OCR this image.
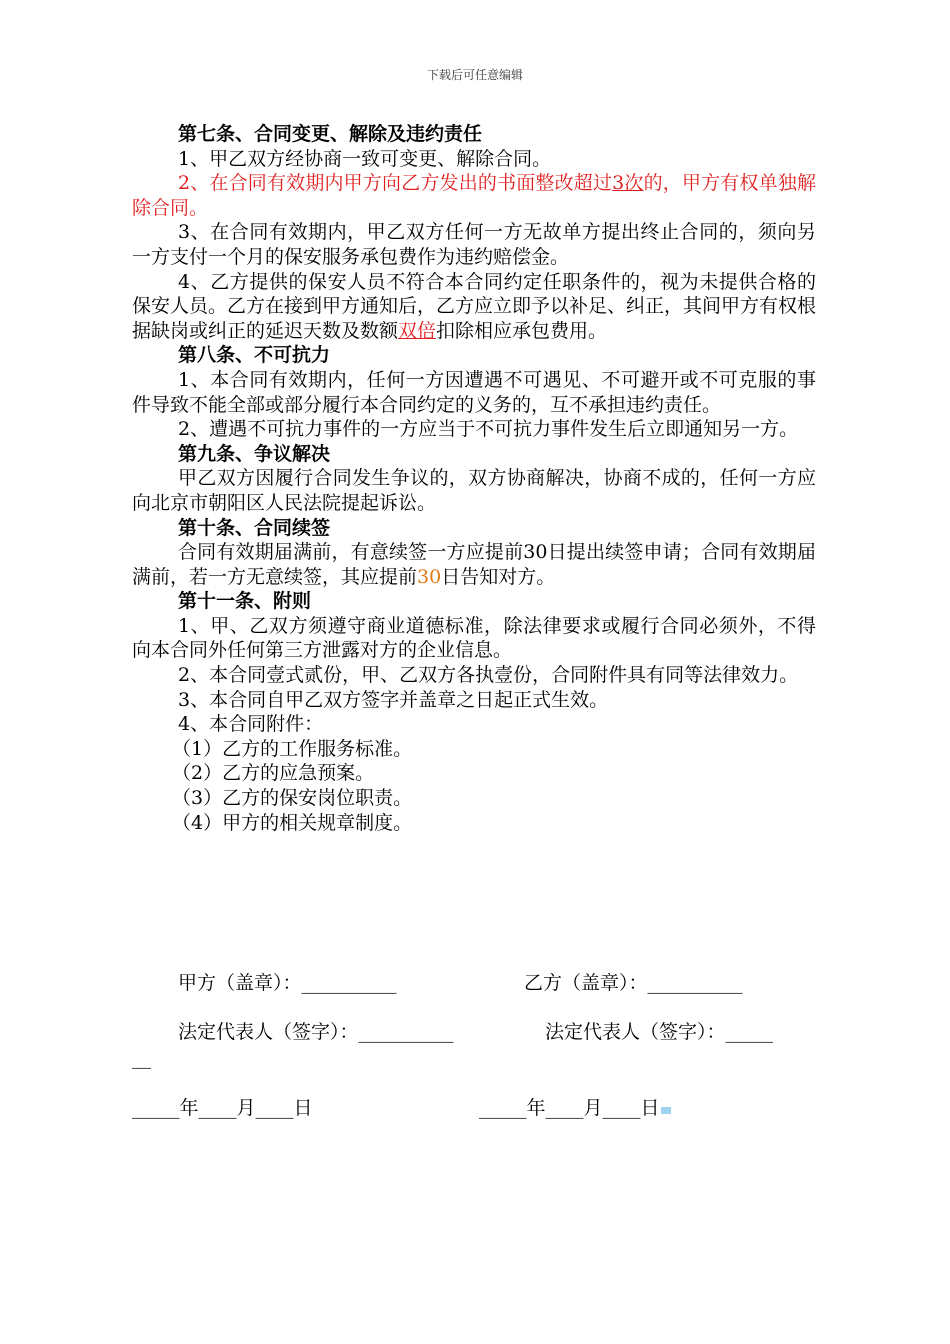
下载后可任意编辑

第七条、合同变更、解除及违约责任

1、甲乙双方经协商一致可变更、解除合同。

2、在合同有效期内甲方向乙方发出的书面整改超过3次的，甲方有权单独解除合同。

3、在合同有效期内，甲乙双方任何一方无故单方提出终止合同的，须向另一方支付一个月的保安服务承包费作为违约赔偿金。

4、乙方提供的保安人员不符合本合同约定任职条件的，视为未提供合格的保安人员。乙方在接到甲方通知后，乙方应立即予以补足、纠正，其间甲方有权根据缺岗或纠正的延迟天数及数额双倍扣除相应承包费用。

第八条、不可抗力

1、本合同有效期内，任何一方因遭遇不可遇见、不可避开或不可克服的事件导致不能全部或部分履行本合同约定的义务的，互不承担违约责任。

2、遭遇不可抗力事件的一方应当于不可抗力事件发生后立即通知另一方。

第九条、争议解决

甲乙双方因履行合同发生争议的，双方协商解决，协商不成的，任何一方应向北京市朝阳区人民法院提起诉讼。

第十条、合同续签

合同有效期届满前，有意续签一方应提前30日提出续签申请；合同有效期届满前，若一方无意续签，其应提前30日告知对方。

第十一条、附则

1、甲、乙双方须遵守商业道德标准，除法律要求或履行合同必须外，不得向本合同外任何第三方泄露对方的企业信息。

2、本合同壹式贰份，甲、乙双方各执壹份，合同附件具有同等法律效力。

3、本合同自甲乙双方签字并盖章之日起正式生效。

4、本合同附件：

（1）乙方的工作服务标准。

（2）乙方的应急预案。

（3）乙方的保安岗位职责。

（4）甲方的相关规章制度。

甲方（盖章）：__________	乙方（盖章）：__________
法定代表人（签字）：__________	法定代表人（签字）：_____
__
_____年____月____日	_____年____月____日
